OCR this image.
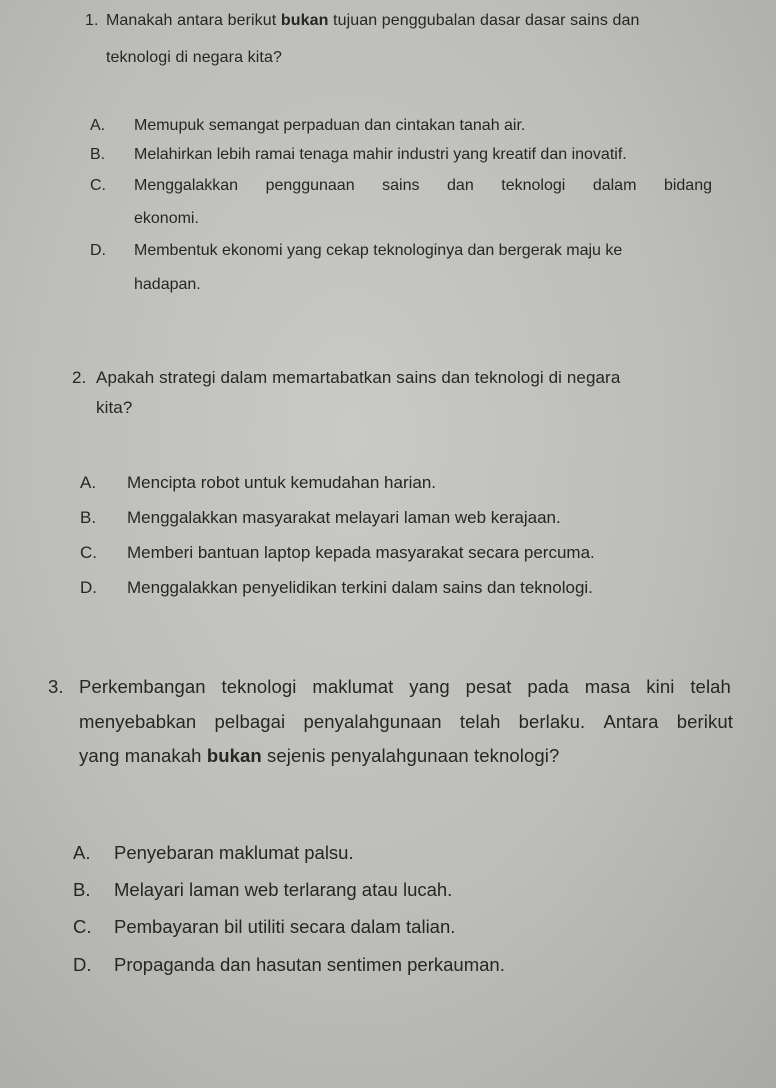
1. Manakah antara berikut bukan tujuan penggubalan dasar dasar sains dan
teknologi di negara kita?
A. Memupuk semangat perpaduan dan cintakan tanah air.
B. Melahirkan lebih ramai tenaga mahir industri yang kreatif dan inovatif.
C. Menggalakkan penggunaan sains dan teknologi dalam bidang
ekonomi.
D. Membentuk ekonomi yang cekap teknologinya dan bergerak maju ke
hadapan.
2. Apakah strategi dalam memartabatkan sains dan teknologi di negara
kita?
A. Mencipta robot untuk kemudahan harian.
B. Menggalakkan masyarakat melayari laman web kerajaan.
C. Memberi bantuan laptop kepada masyarakat secara percuma.
D. Menggalakkan penyelidikan terkini dalam sains dan teknologi.
3. Perkembangan teknologi maklumat yang pesat pada masa kini telah
menyebabkan pelbagai penyalahgunaan telah berlaku. Antara berikut
yang manakah bukan sejenis penyalahgunaan teknologi?
A. Penyebaran maklumat palsu.
B. Melayari laman web terlarang atau lucah.
C. Pembayaran bil utiliti secara dalam talian.
D. Propaganda dan hasutan sentimen perkauman.
